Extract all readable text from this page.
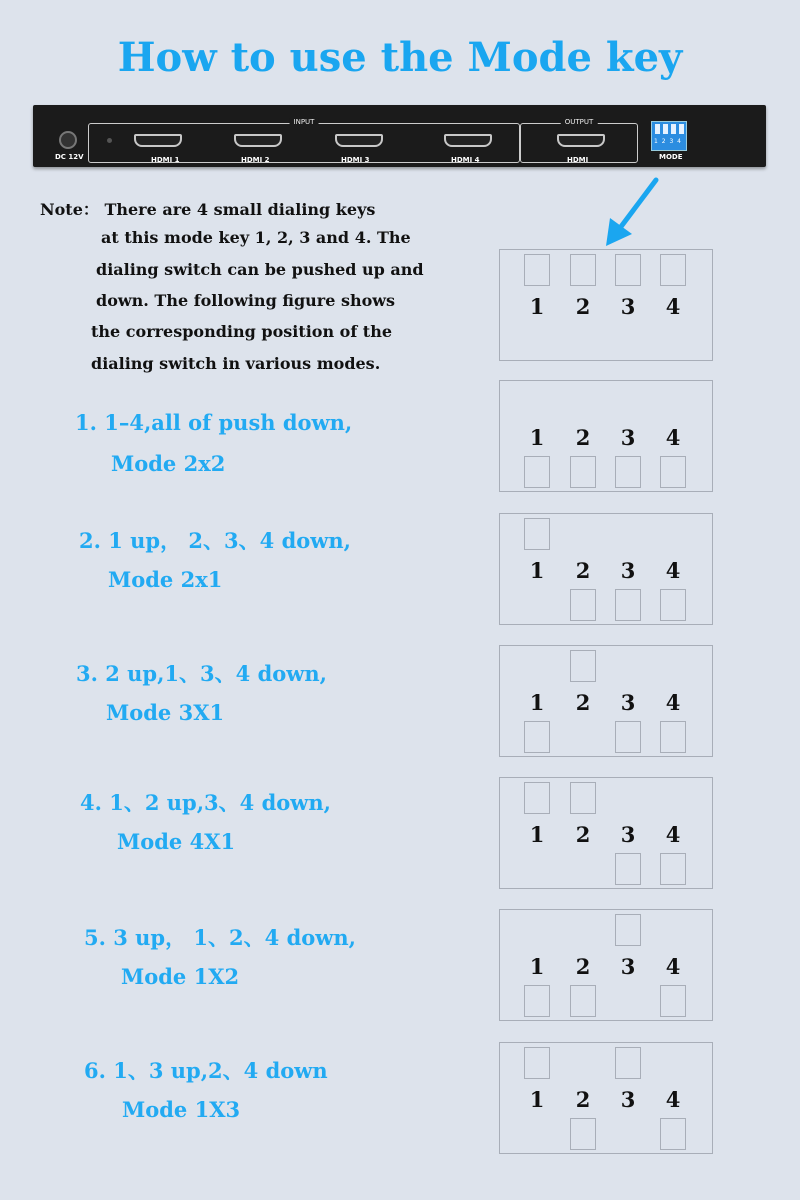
How to use the Mode key
DC 12V
INPUT
HDMI 1	HDMI 2	HDMI 3	HDMI 4
OUTPUT
HDMI
1 2 3 4
MODE
Note： There are 4 small dialing keys
at this mode key 1, 2, 3 and 4. The
dialing switch can be pushed up and
down. The following figure shows
the corresponding position of the
dialing switch in various modes.
1. 1–4,all of push down,
Mode 2x2
2. 1 up， 2、3、4 down,
Mode 2x1
3. 2 up,1、3、4 down,
Mode 3X1
4. 1、2 up,3、4 down,
Mode 4X1
5. 3 up， 1、2、4 down,
Mode 1X2
6. 1、3 up,2、4 down
Mode 1X3
1 2 3 4
1 2 3 4
1 2 3 4
1 2 3 4
1 2 3 4
1 2 3 4
1 2 3 4
